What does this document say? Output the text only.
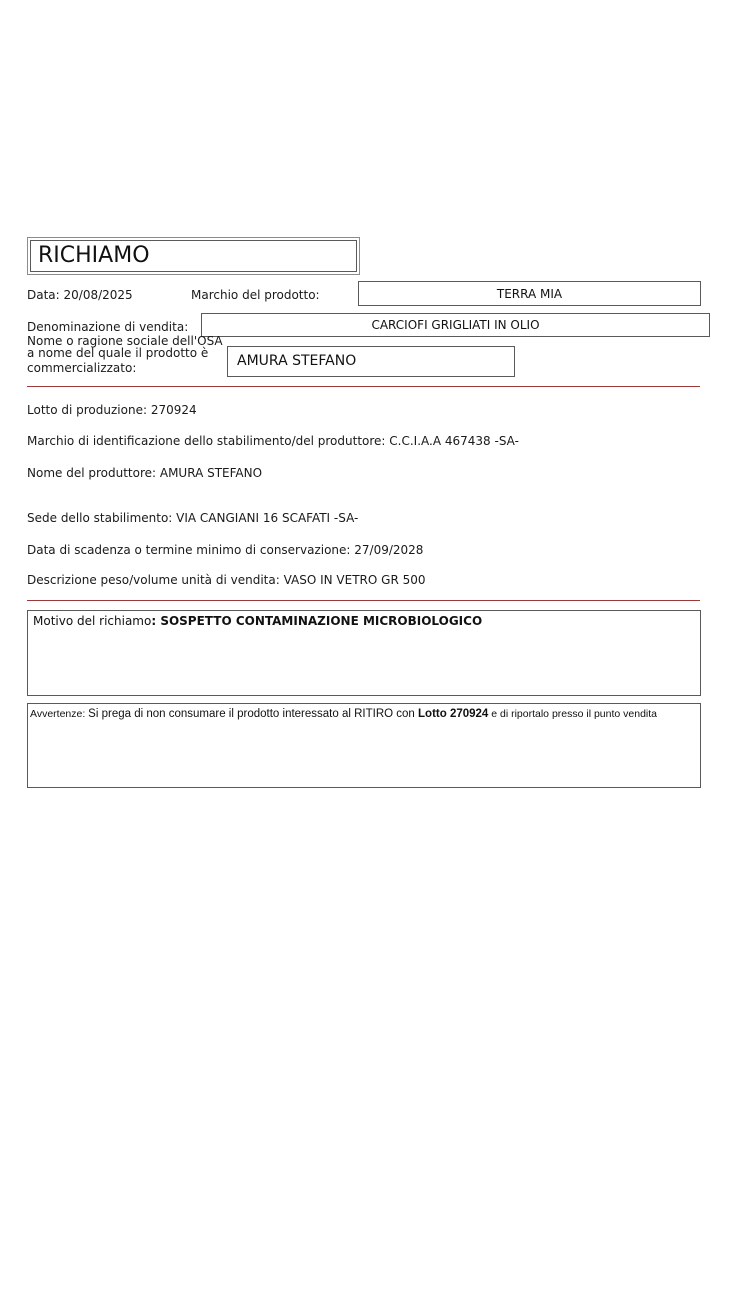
RICHIAMO
Data: 20/08/2025	Marchio del prodotto:	TERRA MIA
Denominazione di vendita:	CARCIOFI GRIGLIATI IN OLIO
Nome o ragione sociale dell'OSA
a nome del quale il prodotto è
commercializzato:	AMURA STEFANO
Lotto di produzione: 270924
Marchio di identificazione dello stabilimento/del produttore: C.C.I.A.A 467438 -SA-
Nome del produttore: AMURA STEFANO
Sede dello stabilimento: VIA CANGIANI 16 SCAFATI -SA-
Data di scadenza o termine minimo di conservazione: 27/09/2028
Descrizione peso/volume unità di vendita: VASO IN VETRO GR 500
Motivo del richiamo: SOSPETTO CONTAMINAZIONE MICROBIOLOGICO
Avvertenze: Si prega di non consumare il prodotto interessato al RITIRO con Lotto 270924 e di riportalo presso il punto vendita
